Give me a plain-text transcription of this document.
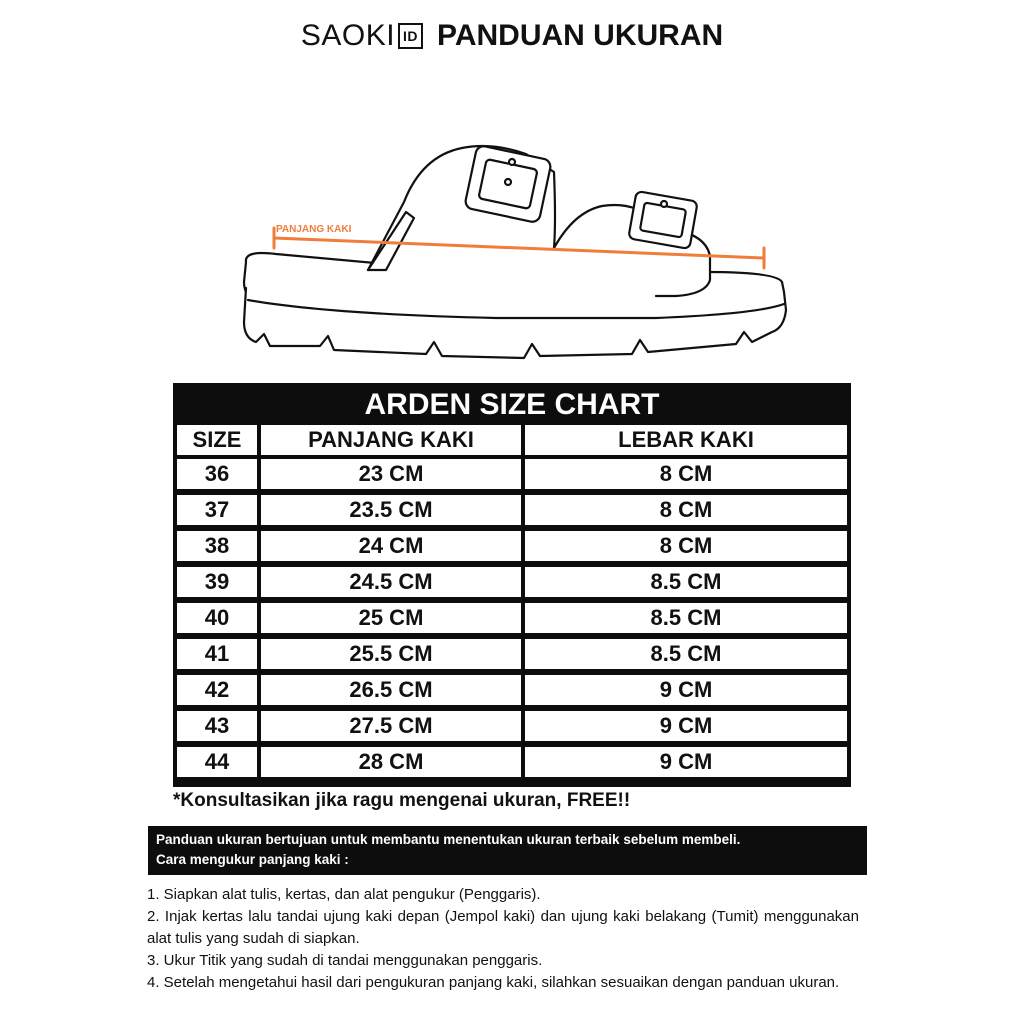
SAOKI ID PANDUAN UKURAN
PANJANG KAKI
ARDEN SIZE CHART
SIZE	PANJANG KAKI	LEBAR KAKI
36	23 CM	8 CM
37	23.5 CM	8 CM
38	24 CM	8 CM
39	24.5 CM	8.5 CM
40	25 CM	8.5 CM
41	25.5 CM	8.5 CM
42	26.5 CM	9 CM
43	27.5 CM	9 CM
44	28 CM	9 CM
*Konsultasikan jika ragu mengenai ukuran, FREE!!
Panduan ukuran bertujuan untuk membantu menentukan ukuran terbaik sebelum membeli.
Cara mengukur panjang kaki :
1. Siapkan alat tulis, kertas, dan alat pengukur (Penggaris).
2. Injak kertas lalu tandai ujung kaki depan (Jempol kaki) dan ujung kaki belakang (Tumit) menggunakan alat tulis yang sudah di siapkan.
3. Ukur Titik yang sudah di tandai menggunakan penggaris.
4. Setelah mengetahui hasil dari pengukuran panjang kaki, silahkan sesuaikan dengan panduan ukuran.
